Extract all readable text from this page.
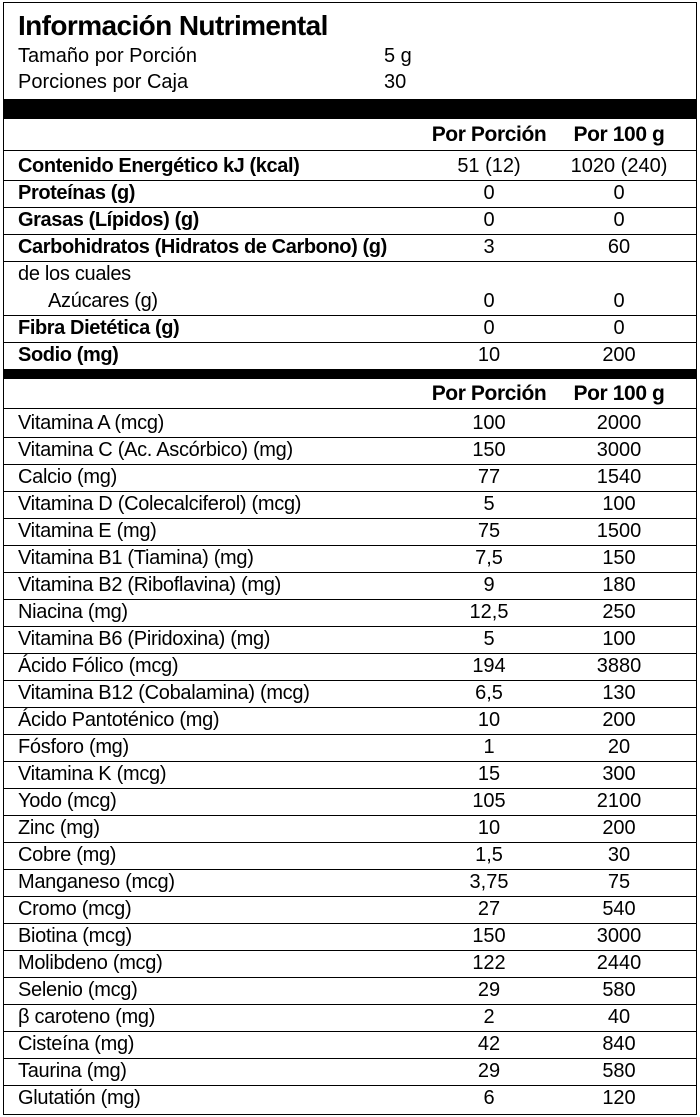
Información Nutrimental
Tamaño por Porción	5 g
Porciones por Caja	30
Por Porción	Por 100 g
Contenido Energético kJ (kcal)	51 (12)	1020 (240)
Proteínas (g)	0	0
Grasas (Lípidos) (g)	0	0
Carbohidratos (Hidratos de Carbono) (g)	3	60
de los cuales
Azúcares (g)	0	0
Fibra Dietética (g)	0	0
Sodio (mg)	10	200
Por Porción	Por 100 g
Vitamina A (mcg)	100	2000
Vitamina C (Ac. Ascórbico) (mg)	150	3000
Calcio (mg)	77	1540
Vitamina D (Colecalciferol) (mcg)	5	100
Vitamina E (mg)	75	1500
Vitamina B1 (Tiamina) (mg)	7,5	150
Vitamina B2 (Riboflavina) (mg)	9	180
Niacina (mg)	12,5	250
Vitamina B6 (Piridoxina) (mg)	5	100
Ácido Fólico (mcg)	194	3880
Vitamina B12 (Cobalamina) (mcg)	6,5	130
Ácido Pantoténico (mg)	10	200
Fósforo (mg)	1	20
Vitamina K (mcg)	15	300
Yodo (mcg)	105	2100
Zinc (mg)	10	200
Cobre (mg)	1,5	30
Manganeso (mcg)	3,75	75
Cromo (mcg)	27	540
Biotina (mcg)	150	3000
Molibdeno (mcg)	122	2440
Selenio (mcg)	29	580
β caroteno (mg)	2	40
Cisteína (mg)	42	840
Taurina (mg)	29	580
Glutatión (mg)	6	120
